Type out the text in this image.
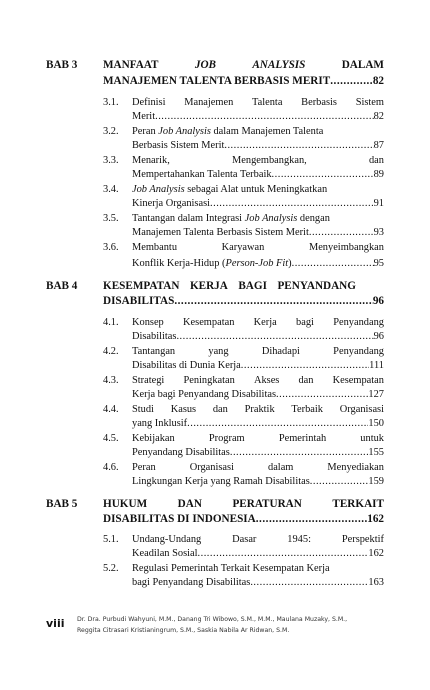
BAB 3 MANFAAT	JOB	ANALYSIS	DALAM
MANAJEMEN TALENTA BERBASIS MERIT .....	82
3.1. Definisi Manajemen Talenta Berbasis Sistem
Merit .....	82
3.2. Peran Job Analysis dalam Manajemen Talenta
Berbasis Sistem Merit .....	87
3.3. Menarik,	Mengembangkan,	dan
Mempertahankan Talenta Terbaik .....	89
3.4. Job Analysis sebagai Alat untuk Meningkatkan
Kinerja Organisasi .....	91
3.5. Tantangan dalam Integrasi Job Analysis dengan
Manajemen Talenta Berbasis Sistem Merit .....	93
3.6. Membantu	Karyawan	Menyeimbangkan
Konflik Kerja-Hidup (Person-Job Fit) .....	95
BAB 4 KESEMPATAN KERJA BAGI PENYANDANG
DISABILITAS .....	96
4.1. Konsep Kesempatan Kerja bagi Penyandang
Disabilitas .....	96
4.2. Tantangan	yang	Dihadapi	Penyandang
Disabilitas di Dunia Kerja .....	111
4.3. Strategi Peningkatan Akses dan Kesempatan
Kerja bagi Penyandang Disabilitas .....	127
4.4. Studi Kasus dan Praktik Terbaik Organisasi
yang Inklusif .....	150
4.5. Kebijakan	Program	Pemerintah	untuk
Penyandang Disabilitas .....	155
4.6. Peran	Organisasi	dalam	Menyediakan
Lingkungan Kerja yang Ramah Disabilitas .....	159
BAB 5 HUKUM	DAN	PERATURAN	TERKAIT
DISABILITAS DI INDONESIA .....	162
5.1. Undang-Undang	Dasar	1945:	Perspektif
Keadilan Sosial .....	162
5.2. Regulasi Pemerintah Terkait Kesempatan Kerja
bagi Penyandang Disabilitas .....	163
viii Dr. Dra. Purbudi Wahyuni, M.M., Danang Tri Wibowo, S.M., M.M., Maulana Muzaky, S.M.,
Reggita Citrasari Kristianingrum, S.M., Saskia Nabila Ar Ridwan, S.M.
